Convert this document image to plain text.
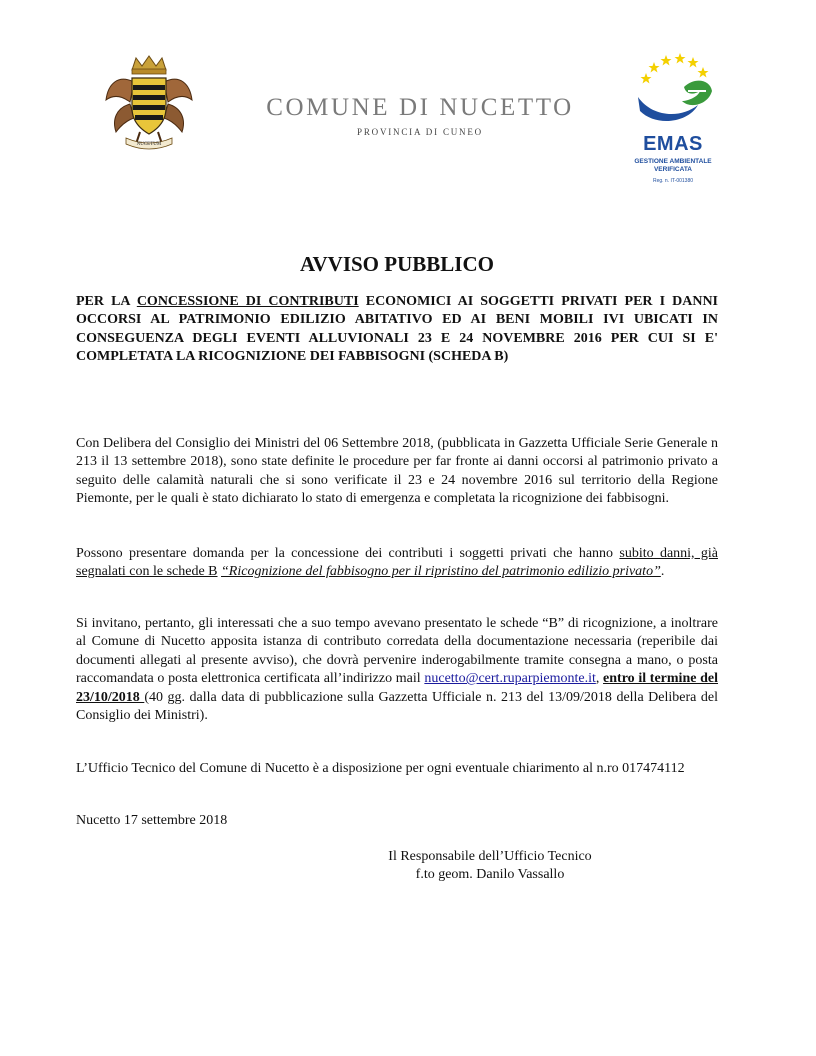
NUCETUM
COMUNE DI NUCETTO
PROVINCIA DI CUNEO
EMAS
GESTIONE AMBIENTALE
VERIFICATA
Reg. n. IT-001380
AVVISO PUBBLICO
PER LA CONCESSIONE DI CONTRIBUTI ECONOMICI AI SOGGETTI PRIVATI PER I DANNI OCCORSI AL PATRIMONIO EDILIZIO ABITATIVO ED AI BENI MOBILI IVI UBICATI IN CONSEGUENZA DEGLI EVENTI ALLUVIONALI 23 E 24 NOVEMBRE 2016 PER CUI SI E' COMPLETATA LA RICOGNIZIONE DEI FABBISOGNI (SCHEDA B)

Con Delibera del Consiglio dei Ministri del 06 Settembre 2018, (pubblicata in Gazzetta Ufficiale Serie Generale n 213 il 13 settembre 2018), sono state definite le procedure per far fronte ai danni occorsi al patrimonio privato a seguito delle calamità naturali che si sono verificate il 23 e 24 novembre 2016 sul territorio della Regione Piemonte, per le quali è stato dichiarato lo stato di emergenza e completata la ricognizione dei fabbisogni.

Possono presentare domanda per la concessione dei contributi i soggetti privati che hanno subito danni, già segnalati con le schede B “Ricognizione del fabbisogno per il ripristino del patrimonio edilizio privato”.

Si invitano, pertanto, gli interessati che a suo tempo avevano presentato le schede “B” di ricognizione, a inoltrare al Comune di Nucetto apposita istanza di contributo corredata della documentazione necessaria (reperibile dai documenti allegati al presente avviso), che dovrà pervenire inderogabilmente tramite consegna a mano, o posta raccomandata o posta elettronica certificata all’indirizzo mail nucetto@cert.ruparpiemonte.it, entro il termine del 23/10/2018 (40 gg. dalla data di pubblicazione sulla Gazzetta Ufficiale n. 213 del 13/09/2018 della Delibera del Consiglio dei Ministri).

L’Ufficio Tecnico del Comune di Nucetto è a disposizione per ogni eventuale chiarimento al n.ro 017474112

Nucetto 17 settembre 2018
Il Responsabile dell’Ufficio Tecnico
f.to geom. Danilo Vassallo
